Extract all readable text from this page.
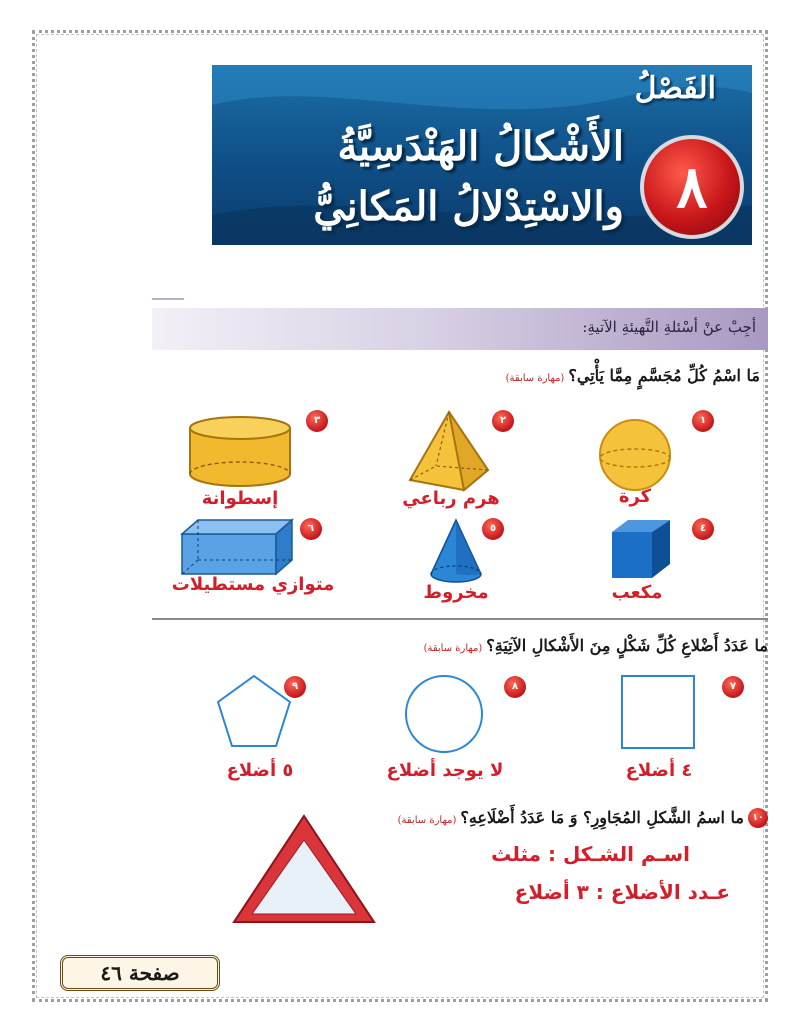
الفَصْلُ
٨
الأَشْكالُ الهَنْدَسِيَّةُ
والاسْتِدْلالُ المَكانِيُّ
أجِبْ عنْ أسْئلةِ التَّهيئةِ الآتيةِ:
مَا اسْمُ كُلِّ مُجَسَّمٍ مِمَّا يَأْتِي؟(مهارة سابقة)
١
كرة
٢
هرم رباعي
٣
إسطوانة
٤
مكعب
٥
مخروط
٦
متوازي مستطيلات
ما عَدَدُ أَضْلاعِ كُلِّ شَكْلٍ مِنَ الأَشْكالِ الآتِيَةِ؟(مهارة سابقة)
٧
٤ أضلاع
٨
لا يوجد أضلاع
٩
٥ أضلاع
١٠
ما اسمُ الشَّكلِ المُجَاوِرِ؟ وَ مَا عَدَدُ أَضْلَاعِهِ؟(مهارة سابقة)
اسـم الشـكل : مثلث
عـدد الأضلاع : ٣ أضلاع
صفحة ٤٦
